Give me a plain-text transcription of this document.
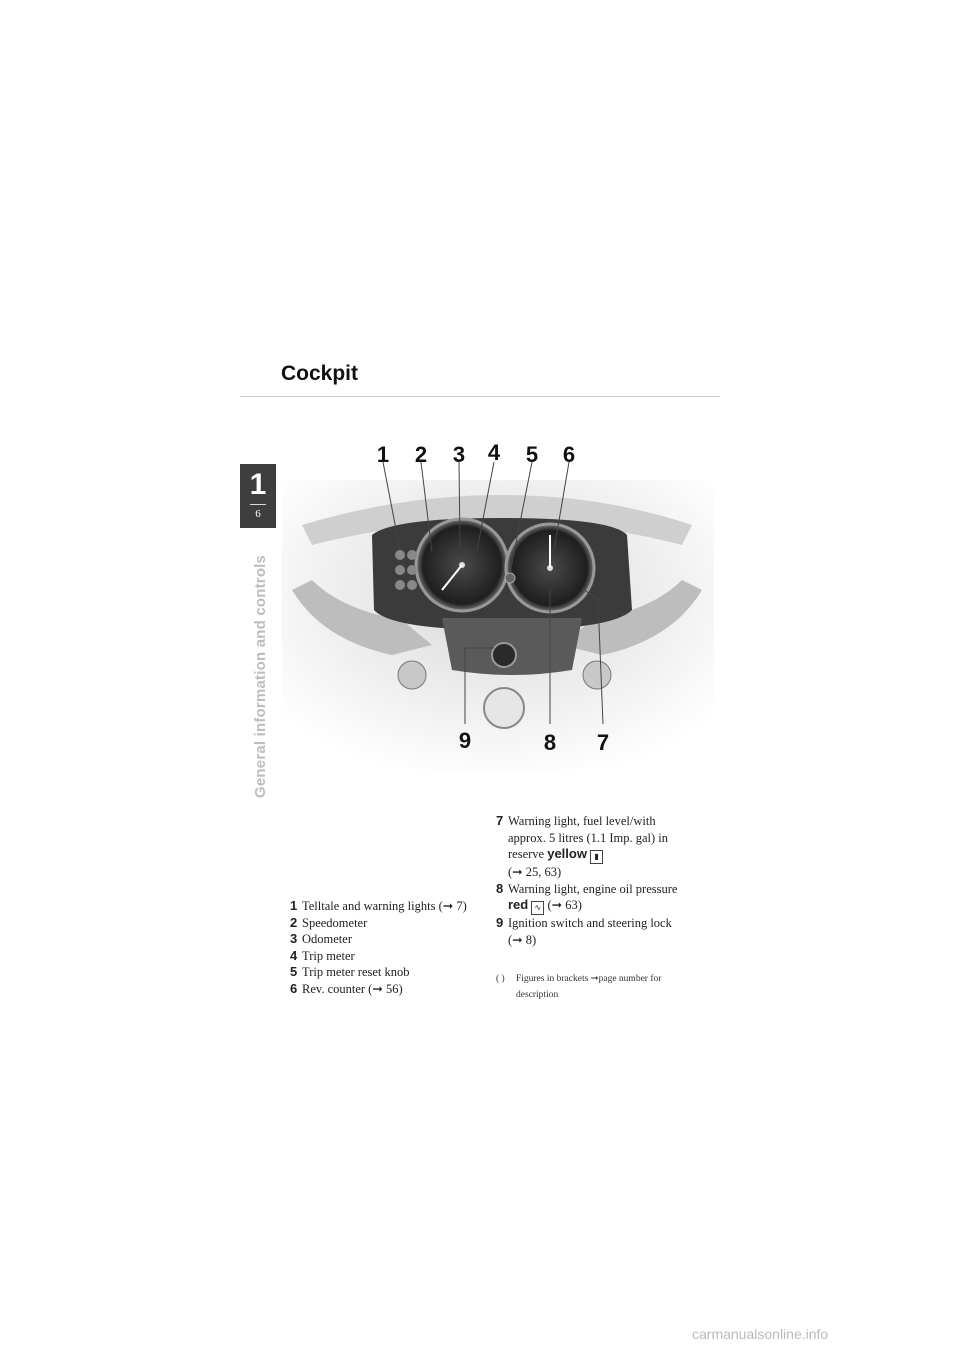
Cockpit
1
6
General information and controls
1 2 3 4 5 6
9	8 7
1 Telltale and warning lights (➞ 7)
2 Speedometer
3 Odometer
4 Trip meter
5 Trip meter reset knob
6 Rev. counter (➞ 56)
7 Warning light, fuel level/with
approx. 5 litres (1.1 Imp. gal) in
reserve yellow ▮
(➞ 25, 63)
8 Warning light, engine oil pressure
red ∿ (➞ 63)
9 Ignition switch and steering lock
(➞ 8)
( ) Figures in brackets ➞page number for
description
carmanualsonline.info
